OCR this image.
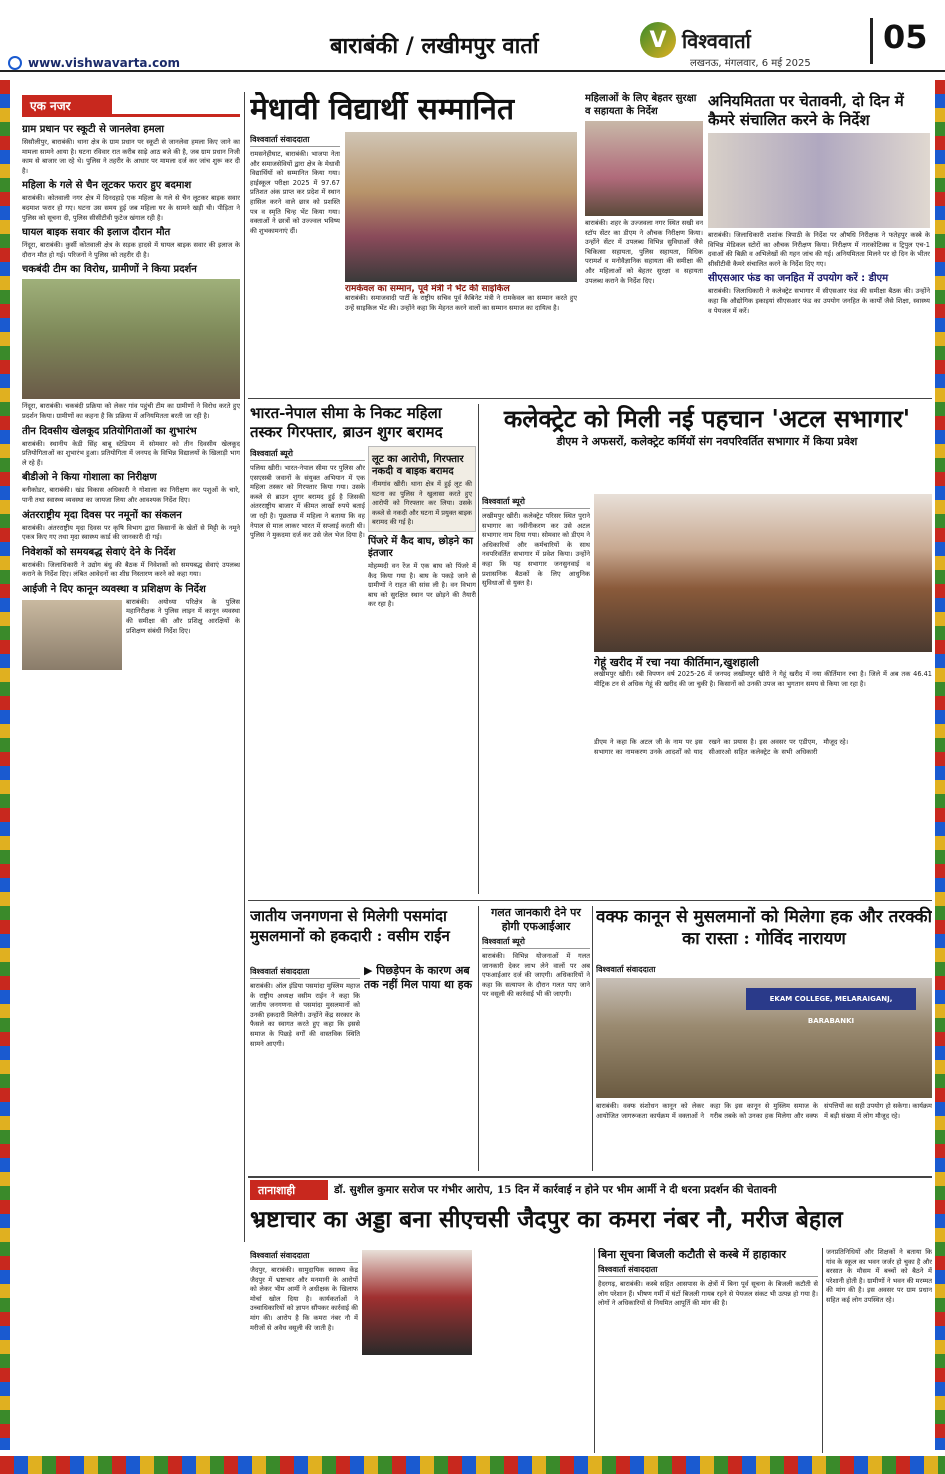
बाराबंकी / लखीमपुर वार्ता	V विश्ववार्ता
लखनऊ, मंगलवार, 6 मई 2025
05
www.vishwavarta.com
एक नजर
ग्राम प्रधान पर स्कूटी से जानलेवा हमला
सिसौलीपुर, बाराबंकी। थाना क्षेत्र के ग्राम प्रधान पर स्कूटी से जानलेवा हमला किए जाने का मामला सामने आया है। घटना रविवार रात करीब साढ़े आठ बजे की है, जब ग्राम प्रधान निजी काम से बाजार जा रहे थे। पुलिस ने तहरीर के आधार पर मामला दर्ज कर जांच शुरू कर दी है।
महिला के गले से चैन लूटकर फरार हुए बदमाश
बाराबंकी। कोतवाली नगर क्षेत्र में दिनदहाड़े एक महिला के गले से चैन लूटकर बाइक सवार बदमाश फरार हो गए। घटना उस समय हुई जब महिला घर के सामने खड़ी थी। पीड़िता ने पुलिस को सूचना दी, पुलिस सीसीटीवी फुटेज खंगाल रही है।
घायल बाइक सवार की इलाज दौरान मौत
निंदूरा, बाराबंकी। कुर्सी कोतवाली क्षेत्र के सड़क हादसे में घायल बाइक सवार की इलाज के दौरान मौत हो गई। परिजनों ने पुलिस को तहरीर दी है।
चकबंदी टीम का विरोध, ग्रामीणों ने किया प्रदर्शन
निंदूरा, बाराबंकी। चकबंदी प्रक्रिया को लेकर गांव पहुंची टीम का ग्रामीणों ने विरोध करते हुए प्रदर्शन किया। ग्रामीणों का कहना है कि प्रक्रिया में अनियमितता बरती जा रही है।
तीन दिवसीय खेलकूद प्रतियोगिताओं का शुभारंभ
बाराबंकी। स्थानीय केडी सिंह बाबू स्टेडियम में सोमवार को तीन दिवसीय खेलकूद प्रतियोगिताओं का शुभारंभ हुआ। प्रतियोगिता में जनपद के विभिन्न विद्यालयों के खिलाड़ी भाग ले रहे हैं।
बीडीओ ने किया गोशाला का निरीक्षण
बनीकोडर, बाराबंकी। खंड विकास अधिकारी ने गोशाला का निरीक्षण कर पशुओं के चारे, पानी तथा स्वास्थ्य व्यवस्था का जायजा लिया और आवश्यक निर्देश दिए।
अंतरराष्ट्रीय मृदा दिवस पर नमूनों का संकलन
बाराबंकी। अंतरराष्ट्रीय मृदा दिवस पर कृषि विभाग द्वारा किसानों के खेतों से मिट्टी के नमूने एकत्र किए गए तथा मृदा स्वास्थ्य कार्ड की जानकारी दी गई।
निवेशकों को समयबद्ध सेवाएं देने के निर्देश
बाराबंकी। जिलाधिकारी ने उद्योग बंधु की बैठक में निवेशकों को समयबद्ध सेवाएं उपलब्ध कराने के निर्देश दिए। लंबित आवेदनों का शीघ्र निस्तारण करने को कहा गया।
आईजी ने दिए कानून व्यवस्था व प्रशिक्षण के निर्देश
बाराबंकी। अयोध्या परिक्षेत्र के पुलिस महानिरीक्षक ने पुलिस लाइन में कानून व्यवस्था की समीक्षा की और प्रशिक्षु आरक्षियों के प्रशिक्षण संबंधी निर्देश दिए।
मेधावी विद्यार्थी सम्मानित
विश्ववार्ता संवाददाता
रामसनेहीघाट, बाराबंकी। भाजपा नेता और समाजसेवियों द्वारा क्षेत्र के मेधावी विद्यार्थियों को सम्मानित किया गया। हाईस्कूल परीक्षा 2025 में 97.67 प्रतिशत अंक प्राप्त कर प्रदेश में स्थान हासिल करने वाले छात्र को प्रशस्ति पत्र व स्मृति चिन्ह भेंट किया गया। वक्ताओं ने छात्रों को उज्ज्वल भविष्य की शुभकामनाएं दीं।
रामकेवल का सम्मान, पूर्व मंत्री ने भेंट की साइकिल
बाराबंकी। समाजवादी पार्टी के राष्ट्रीय सचिव पूर्व कैबिनेट मंत्री ने रामकेवल का सम्मान करते हुए उन्हें साइकिल भेंट की। उन्होंने कहा कि मेहनत करने वालों का सम्मान समाज का दायित्व है।
महिलाओं के लिए बेहतर सुरक्षा व सहायता के निर्देश
बाराबंकी। शहर के उज्जवला नगर स्थित सखी वन स्टॉप सेंटर का डीएम ने औचक निरीक्षण किया। उन्होंने सेंटर में उपलब्ध विभिन्न सुविधाओं जैसे चिकित्सा सहायता, पुलिस सहायता, विधिक परामर्श व मनोवैज्ञानिक सहायता की समीक्षा की और महिलाओं को बेहतर सुरक्षा व सहायता उपलब्ध कराने के निर्देश दिए।
अनियमितता पर चेतावनी, दो दिन में कैमरे संचालित करने के निर्देश
बाराबंकी। जिलाधिकारी शशांक त्रिपाठी के निर्देश पर औषधि निरीक्षक ने फतेहपुर कस्बे के विभिन्न मेडिकल स्टोरों का औचक निरीक्षण किया। निरीक्षण में नारकोटिक्स व ट्रिपुल एच-1 दवाओं की बिक्री व अभिलेखों की गहन जांच की गई। अनियमितता मिलने पर दो दिन के भीतर सीसीटीवी कैमरे संचालित करने के निर्देश दिए गए।
सीएसआर फंड का जनहित में उपयोग करें : डीएम
बाराबंकी। जिलाधिकारी ने कलेक्ट्रेट सभागार में सीएसआर फंड की समीक्षा बैठक की। उन्होंने कहा कि औद्योगिक इकाइयां सीएसआर फंड का उपयोग जनहित के कार्यों जैसे शिक्षा, स्वास्थ्य व पेयजल में करें।
भारत-नेपाल सीमा के निकट महिला तस्कर गिरफ्तार, ब्राउन शुगर बरामद
विश्ववार्ता ब्यूरो
पलिया खीरी। भारत-नेपाल सीमा पर पुलिस और एसएसबी जवानों के संयुक्त अभियान में एक महिला तस्कर को गिरफ्तार किया गया। उसके कब्जे से ब्राउन शुगर बरामद हुई है जिसकी अंतरराष्ट्रीय बाजार में कीमत लाखों रुपये बताई जा रही है। पूछताछ में महिला ने बताया कि वह नेपाल से माल लाकर भारत में सप्लाई करती थी। पुलिस ने मुकदमा दर्ज कर उसे जेल भेज दिया है।
लूट का आरोपी, गिरफ्तार नकदी व बाइक बरामद
नीमगांव खीरी। थाना क्षेत्र में हुई लूट की घटना का पुलिस ने खुलासा करते हुए आरोपी को गिरफ्तार कर लिया। उसके कब्जे से नकदी और घटना में प्रयुक्त बाइक बरामद की गई है।
पिंजरे में कैद बाघ, छोड़ने का इंतजार
मोहम्मदी वन रेंज में एक बाघ को पिंजरे में कैद किया गया है। बाघ के पकड़े जाने से ग्रामीणों ने राहत की सांस ली है। वन विभाग बाघ को सुरक्षित स्थान पर छोड़ने की तैयारी कर रहा है।
कलेक्ट्रेट को मिली नई पहचान 'अटल सभागार'
डीएम ने अफसरों, कलेक्ट्रेट कर्मियों संग नवपरिवर्तित सभागार में किया प्रवेश
विश्ववार्ता ब्यूरो
लखीमपुर खीरी। कलेक्ट्रेट परिसर स्थित पुराने सभागार का नवीनीकरण कर उसे अटल सभागार नाम दिया गया। सोमवार को डीएम ने अधिकारियों और कर्मचारियों के साथ नवपरिवर्तित सभागार में प्रवेश किया। उन्होंने कहा कि यह सभागार जनसुनवाई व प्रशासनिक बैठकों के लिए आधुनिक सुविधाओं से युक्त है।
गेहूं खरीद में रचा नया कीर्तिमान,खुशहाली
लखीमपुर खीरी। रबी विपणन वर्ष 2025-26 में जनपद लखीमपुर खीरी ने गेहूं खरीद में नया कीर्तिमान रचा है। जिले में अब तक 46.41 मीट्रिक टन से अधिक गेहूं की खरीद की जा चुकी है। किसानों को उनकी उपज का भुगतान समय से किया जा रहा है।
डीएम ने कहा कि अटल जी के नाम पर इस सभागार का नामकरण उनके आदर्शों को याद रखने का प्रयास है। इस अवसर पर एडीएम, सीआरओ सहित कलेक्ट्रेट के सभी अधिकारी मौजूद रहे।
जातीय जनगणना से मिलेगी पसमांदा मुसलमानों को हकदारी : वसीम राईन
विश्ववार्ता संवाददाता
बाराबंकी। ऑल इंडिया पसमांदा मुस्लिम महाज के राष्ट्रीय अध्यक्ष वसीम राईन ने कहा कि जातीय जनगणना से पसमांदा मुसलमानों को उनकी हकदारी मिलेगी। उन्होंने केंद्र सरकार के फैसले का स्वागत करते हुए कहा कि इससे समाज के पिछड़े वर्गों की वास्तविक स्थिति सामने आएगी।
▶ पिछड़ेपन के कारण अब तक नहीं मिल पाया था हक
गलत जानकारी देने पर होगी एफआईआर
विश्ववार्ता ब्यूरो
बाराबंकी। विभिन्न योजनाओं में गलत जानकारी देकर लाभ लेने वालों पर अब एफआईआर दर्ज की जाएगी। अधिकारियों ने कहा कि सत्यापन के दौरान गलत पाए जाने पर वसूली की कार्रवाई भी की जाएगी।
वक्फ कानून से मुसलमानों को मिलेगा हक और तरक्की का रास्ता : गोविंद नारायण
विश्ववार्ता संवाददाता
EKAM COLLEGE, MELARAIGANJ, BARABANKI
बाराबंकी। वक्फ संशोधन कानून को लेकर आयोजित जागरूकता कार्यक्रम में वक्ताओं ने कहा कि इस कानून से मुस्लिम समाज के गरीब तबके को उनका हक मिलेगा और वक्फ संपत्तियों का सही उपयोग हो सकेगा। कार्यक्रम में बड़ी संख्या में लोग मौजूद रहे।
तानाशाही	डॉ. सुशील कुमार सरोज पर गंभीर आरोप, 15 दिन में कार्रवाई न होने पर भीम आर्मी ने दी धरना प्रदर्शन की चेतावनी
भ्रष्टाचार का अड्डा बना सीएचसी जैदपुर का कमरा नंबर नौ, मरीज बेहाल
विश्ववार्ता संवाददाता
जैदपुर, बाराबंकी। सामुदायिक स्वास्थ्य केंद्र जैदपुर में भ्रष्टाचार और मनमानी के आरोपों को लेकर भीम आर्मी ने अधीक्षक के खिलाफ मोर्चा खोल दिया है। कार्यकर्ताओं ने उच्चाधिकारियों को ज्ञापन सौंपकर कार्रवाई की मांग की। आरोप है कि कमरा नंबर नौ में मरीजों से अवैध वसूली की जाती है।
बिना सूचना बिजली कटौती से कस्बे में हाहाकार
विश्ववार्ता संवाददाता
हैदरगढ़, बाराबंकी। कस्बे सहित आसपास के क्षेत्रों में बिना पूर्व सूचना के बिजली कटौती से लोग परेशान हैं। भीषण गर्मी में घंटों बिजली गायब रहने से पेयजल संकट भी उत्पन्न हो गया है। लोगों ने अधिकारियों से नियमित आपूर्ति की मांग की है।
जनप्रतिनिधियों और शिक्षकों ने बताया कि गांव के स्कूल का भवन जर्जर हो चुका है और बरसात के मौसम में बच्चों को बैठने में परेशानी होती है। ग्रामीणों ने भवन की मरम्मत की मांग की है। इस अवसर पर ग्राम प्रधान सहित कई लोग उपस्थित रहे।
